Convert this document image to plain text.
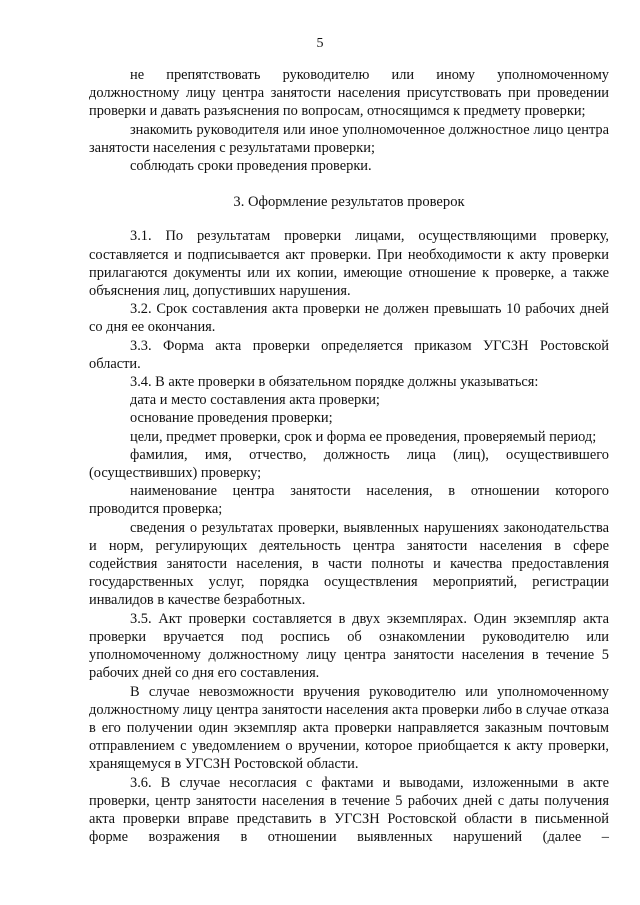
5

не препятствовать руководителю или иному уполномоченному должностному лицу центра занятости населения присутствовать при проведении проверки и давать разъяснения по вопросам, относящимся к предмету проверки;

знакомить руководителя или иное уполномоченное должностное лицо центра занятости населения с результатами проверки;

соблюдать сроки проведения проверки.

3. Оформление результатов проверок

3.1. По результатам проверки лицами, осуществляющими проверку, составляется и подписывается акт проверки. При необходимости к акту проверки прилагаются документы или их копии, имеющие отношение к проверке, а также объяснения лиц, допустивших нарушения.

3.2. Срок составления акта проверки не должен превышать 10 рабочих дней со дня ее окончания.

3.3. Форма акта проверки определяется приказом УГСЗН Ростовской области.

3.4. В акте проверки в обязательном порядке должны указываться:

дата и место составления акта проверки;

основание проведения проверки;

цели, предмет проверки, срок и форма ее проведения, проверяемый период;

фамилия, имя, отчество, должность лица (лиц), осуществившего (осуществивших) проверку;

наименование центра занятости населения, в отношении которого проводится проверка;

сведения о результатах проверки, выявленных нарушениях законодательства и норм, регулирующих деятельность центра занятости населения в сфере содействия занятости населения, в части полноты и качества предоставления государственных услуг, порядка осуществления мероприятий, регистрации инвалидов в качестве безработных.

3.5. Акт проверки составляется в двух экземплярах. Один экземпляр акта проверки вручается под роспись об ознакомлении руководителю или уполномоченному должностному лицу центра занятости населения в течение 5 рабочих дней со дня его составления.

В случае невозможности вручения руководителю или уполномоченному должностному лицу центра занятости населения акта проверки либо в случае отказа в его получении один экземпляр акта проверки направляется заказным почтовым отправлением с уведомлением о вручении, которое приобщается к акту проверки, хранящемуся в УГСЗН Ростовской области.

3.6. В случае несогласия с фактами и выводами, изложенными в акте проверки, центр занятости населения в течение 5 рабочих дней с даты получения акта проверки вправе представить в УГСЗН Ростовской области в письменной форме возражения в отношении выявленных нарушений (далее –
